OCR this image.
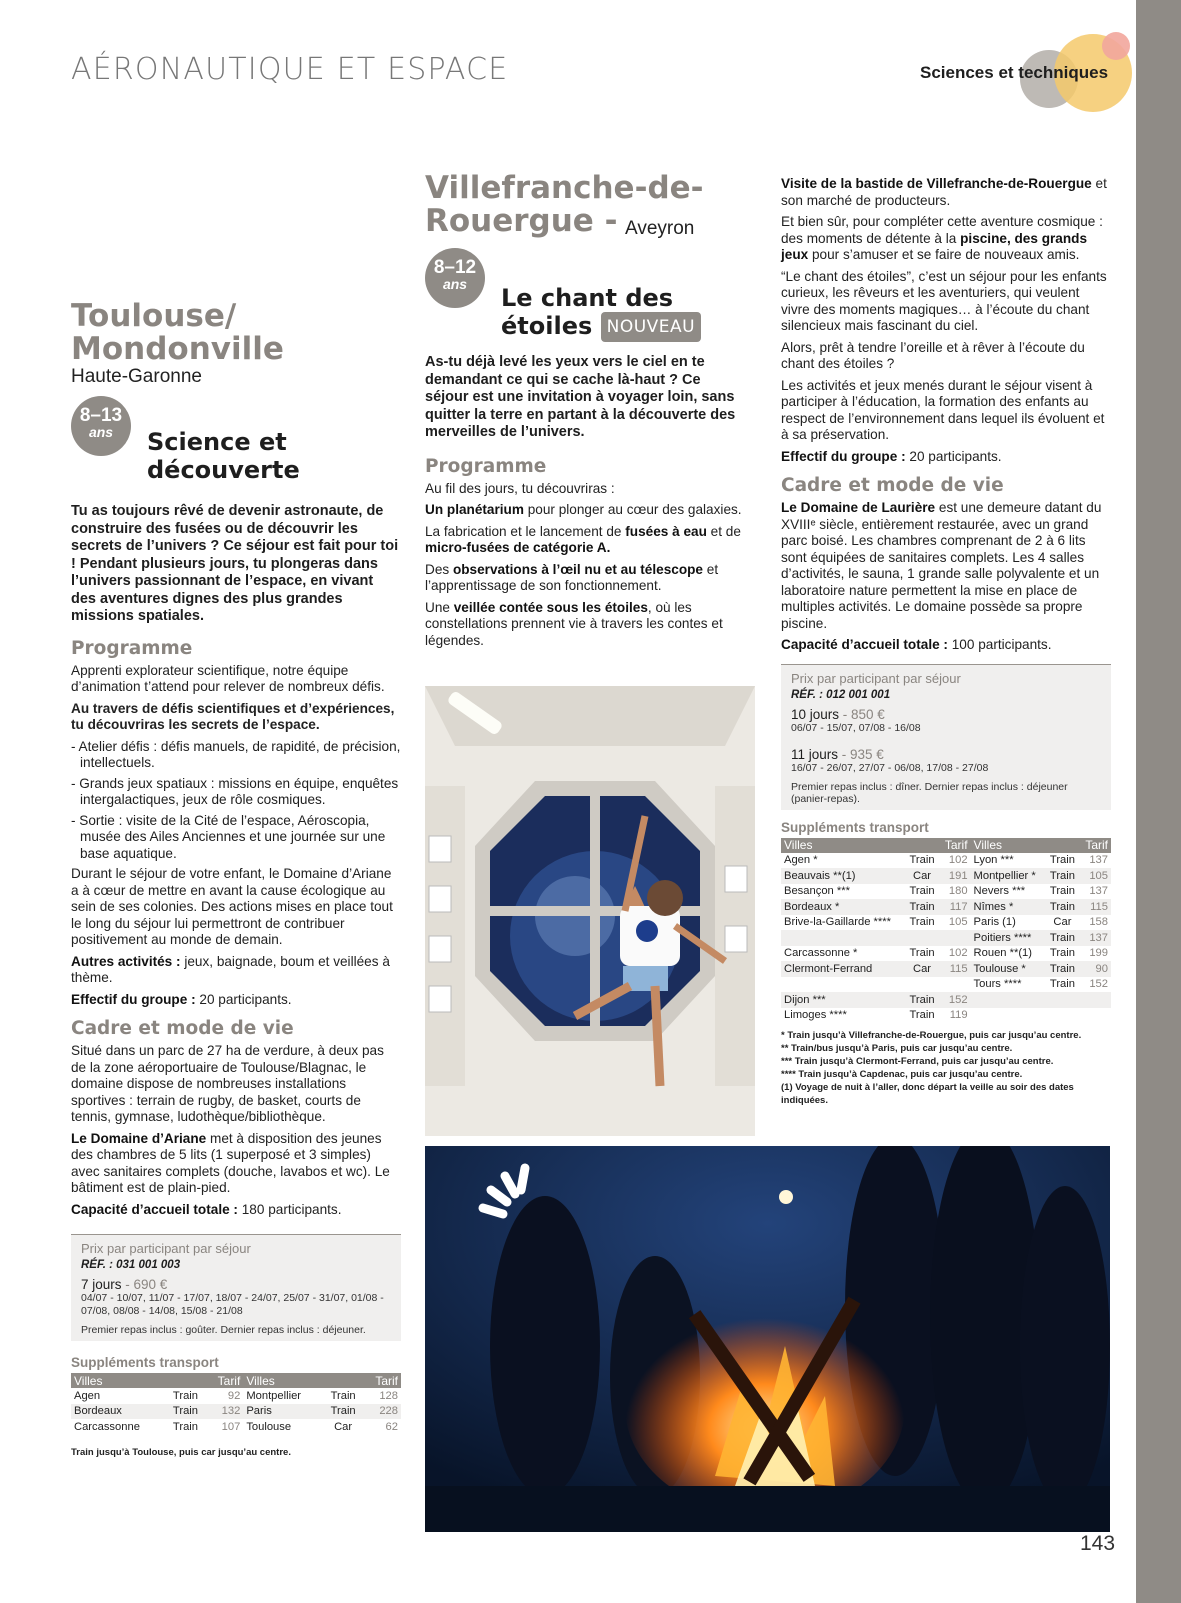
AÉRONAUTIQUE ET ESPACE	Sciences et techniques
Toulouse/ Mondonville
Haute-Garonne
8–13
ans	Science et découverte
Tu as toujours rêvé de devenir astronaute, de construire des fusées ou de découvrir les secrets de l’univers ? Ce séjour est fait pour toi ! Pendant plusieurs jours, tu plongeras dans l’univers passionnant de l’espace, en vivant des aventures dignes des plus grandes missions spatiales.
Programme

Apprenti explorateur scientifique, notre équipe d’animation t’attend pour relever de nombreux défis.

Au travers de défis scientifiques et d’expériences, tu découvriras les secrets de l’espace.

- Atelier défis : défis manuels, de rapidité, de précision, intellectuels.
- Grands jeux spatiaux : missions en équipe, enquêtes intergalactiques, jeux de rôle cosmiques.
- Sortie : visite de la Cité de l’espace, Aéroscopia, musée des Ailes Anciennes et une journée sur une base aquatique.

Durant le séjour de votre enfant, le Domaine d’Ariane a à cœur de mettre en avant la cause écologique au sein de ses colonies. Des actions mises en place tout le long du séjour lui permettront de contribuer positivement au monde de demain.

Autres activités : jeux, baignade, boum et veillées à thème.

Effectif du groupe : 20 participants.

Cadre et mode de vie

Situé dans un parc de 27 ha de verdure, à deux pas de la zone aéroportuaire de Toulouse/Blagnac, le domaine dispose de nombreuses installations sportives : terrain de rugby, de basket, courts de tennis, gymnase, ludothèque/bibliothèque.

Le Domaine d’Ariane met à disposition des jeunes des chambres de 5 lits (1 superposé et 3 simples) avec sanitaires complets (douche, lavabos et wc). Le bâtiment est de plain-pied.

Capacité d’accueil totale : 180 participants.

Prix par participant par séjour
RÉF. : 031 001 003
7 jours - 690 €
04/07 - 10/07, 11/07 - 17/07, 18/07 - 24/07, 25/07 - 31/07, 01/08 - 07/08, 08/08 - 14/08, 15/08 - 21/08
Premier repas inclus : goûter. Dernier repas inclus : déjeuner.
Suppléments transport
Villes		Tarif	Villes		Tarif
Agen	Train	92	Montpellier	Train	128
Bordeaux	Train	132	Paris	Train	228
Carcassonne	Train	107	Toulouse	Car	62
Train jusqu’à Toulouse, puis car jusqu’au centre.
Villefranche-de- Rouergue - Aveyron
8–12
ans	Le chant des étoiles NOUVEAU
As-tu déjà levé les yeux vers le ciel en te demandant ce qui se cache là-haut ? Ce séjour est une invitation à voyager loin, sans quitter la terre en partant à la découverte des merveilles de l’univers.
Programme

Au fil des jours, tu découvriras :

Un planétarium pour plonger au cœur des galaxies.

La fabrication et le lancement de fusées à eau et de micro-fusées de catégorie A.

Des observations à l’œil nu et au télescope et l’apprentissage de son fonctionnement.

Une veillée contée sous les étoiles, où les constellations prennent vie à travers les contes et légendes.

Visite de la bastide de Villefranche-de-Rouergue et son marché de producteurs.

Et bien sûr, pour compléter cette aventure cosmique : des moments de détente à la piscine, des grands jeux pour s’amuser et se faire de nouveaux amis.

“Le chant des étoiles”, c’est un séjour pour les enfants curieux, les rêveurs et les aventuriers, qui veulent vivre des moments magiques… à l’écoute du chant silencieux mais fascinant du ciel.

Alors, prêt à tendre l’oreille et à rêver à l’écoute du chant des étoiles ?

Les activités et jeux menés durant le séjour visent à participer à l’éducation, la formation des enfants au respect de l’environnement dans lequel ils évoluent et à sa préservation.

Effectif du groupe : 20 participants.

Cadre et mode de vie

Le Domaine de Laurière est une demeure datant du XVIIIᵉ siècle, entièrement restaurée, avec un grand parc boisé. Les chambres comprenant de 2 à 6 lits sont équipées de sanitaires complets. Les 4 salles d’activités, le sauna, 1 grande salle polyvalente et un laboratoire nature permettent la mise en place de multiples activités. Le domaine possède sa propre piscine.

Capacité d’accueil totale : 100 participants.

Prix par participant par séjour
RÉF. : 012 001 001
10 jours - 850 €
06/07 - 15/07, 07/08 - 16/08
11 jours - 935 €
16/07 - 26/07, 27/07 - 06/08, 17/08 - 27/08
Premier repas inclus : dîner. Dernier repas inclus : déjeuner (panier-repas).
Suppléments transport
Villes		Tarif	Villes		Tarif
Agen *	Train	102	Lyon ***	Train	137
Beauvais **(1)	Car	191	Montpellier *	Train	105
Besançon ***	Train	180	Nevers ***	Train	137
Bordeaux *	Train	117	Nîmes *	Train	115
Brive-la-Gaillarde ****	Train	105	Paris (1)	Car	158
			Poitiers ****	Train	137
Carcassonne *	Train	102	Rouen **(1)	Train	199
Clermont-Ferrand	Car	115	Toulouse *	Train	90
			Tours ****	Train	152
Dijon ***	Train	152			
Limoges ****	Train	119			
* Train jusqu’à Villefranche-de-Rouergue, puis car jusqu’au centre.
** Train/bus jusqu’à Paris, puis car jusqu’au centre.
*** Train jusqu’à Clermont-Ferrand, puis car jusqu’au centre.
**** Train jusqu’à Capdenac, puis car jusqu’au centre.
(1) Voyage de nuit à l’aller, donc départ la veille au soir des dates indiquées.
143
